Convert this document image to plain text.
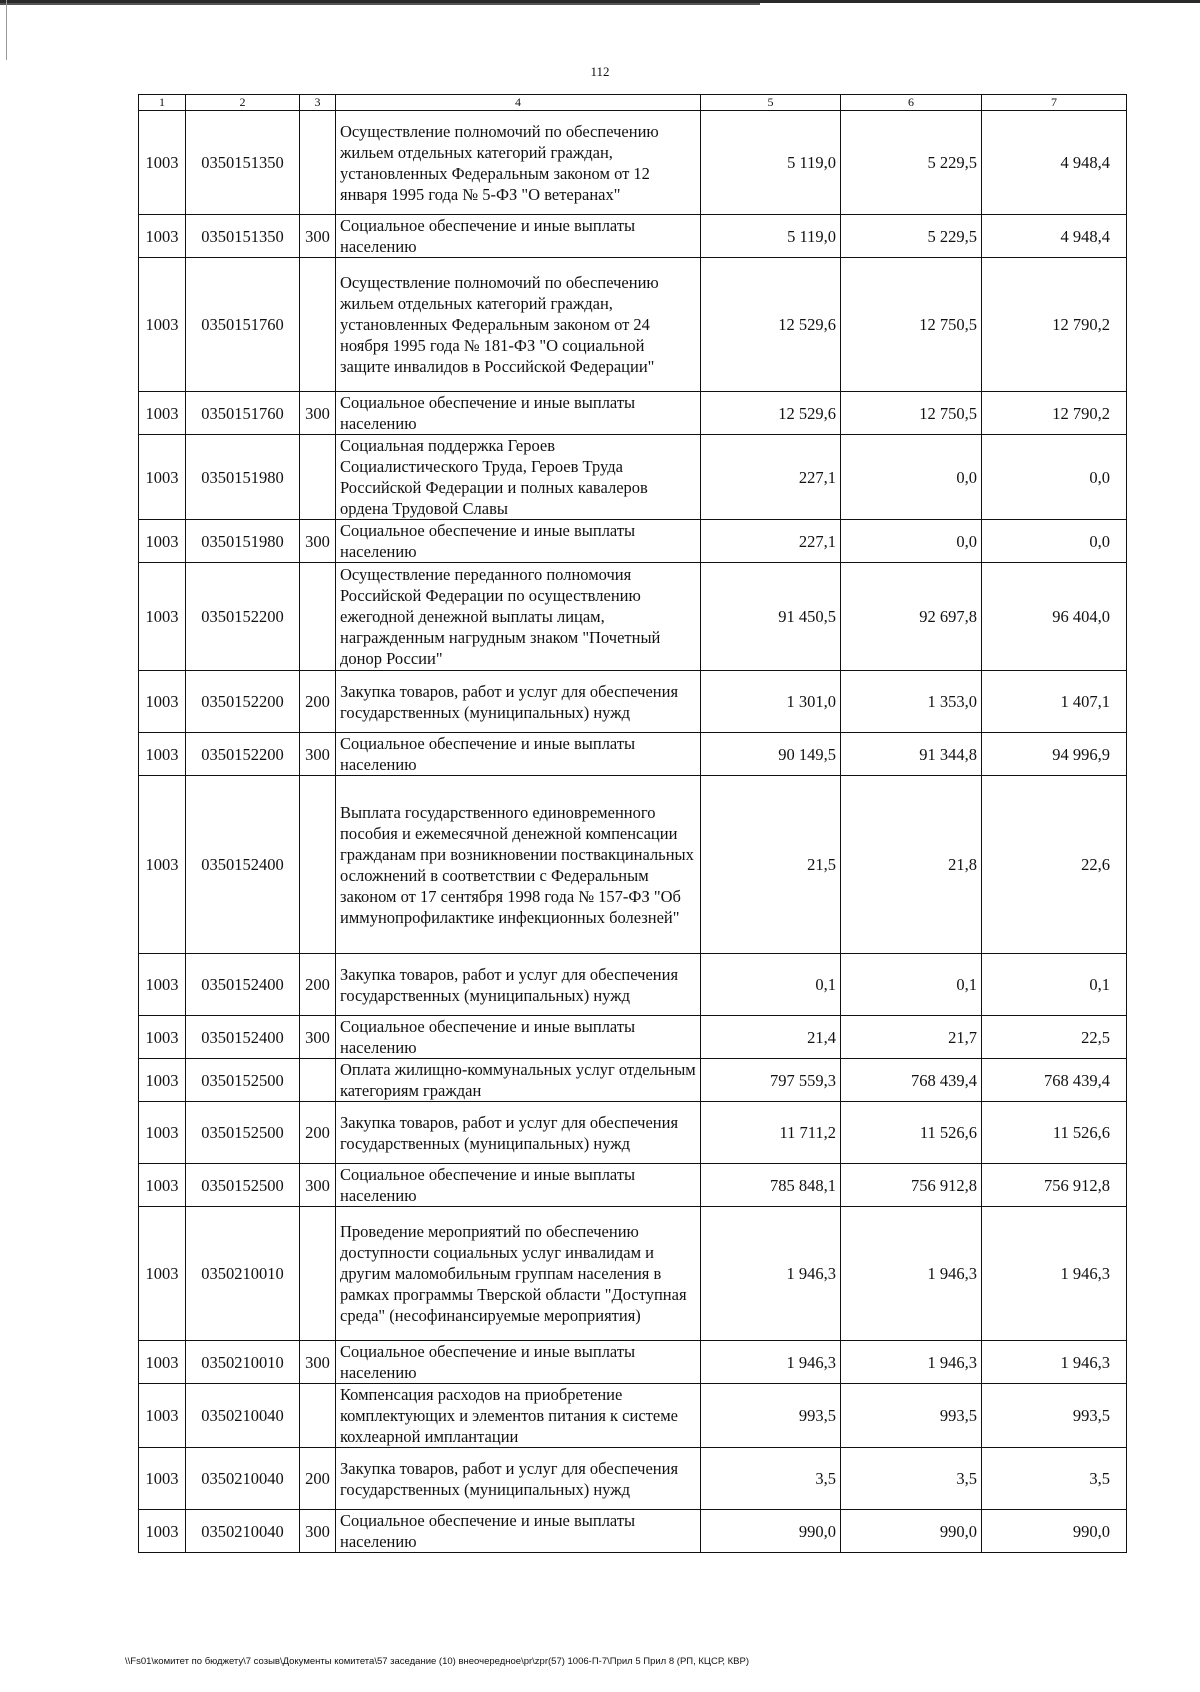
112
1	2	3	4	5	6	7
1003	0350151350		Осуществление полномочий по обеспечению жильем отдельных категорий граждан, установленных Федеральным законом от 12 января 1995 года № 5-ФЗ "О ветеранах"	5 119,0	5 229,5	4 948,4
1003	0350151350	300	Социальное обеспечение и иные выплаты населению	5 119,0	5 229,5	4 948,4
1003	0350151760		Осуществление полномочий по обеспечению жильем отдельных категорий граждан, установленных Федеральным законом от 24 ноября 1995 года № 181-ФЗ "О социальной защите инвалидов в Российской Федерации"	12 529,6	12 750,5	12 790,2
1003	0350151760	300	Социальное обеспечение и иные выплаты населению	12 529,6	12 750,5	12 790,2
1003	0350151980		Социальная поддержка Героев Социалистического Труда, Героев Труда Российской Федерации и полных кавалеров ордена Трудовой Славы	227,1	0,0	0,0
1003	0350151980	300	Социальное обеспечение и иные выплаты населению	227,1	0,0	0,0
1003	0350152200		Осуществление переданного полномочия Российской Федерации по осуществлению ежегодной денежной выплаты лицам, награжденным нагрудным знаком "Почетный донор России"	91 450,5	92 697,8	96 404,0
1003	0350152200	200	Закупка товаров, работ и услуг для обеспечения государственных (муниципальных) нужд	1 301,0	1 353,0	1 407,1
1003	0350152200	300	Социальное обеспечение и иные выплаты населению	90 149,5	91 344,8	94 996,9
1003	0350152400		Выплата государственного единовременного пособия и ежемесячной денежной компенсации гражданам при возникновении поствакцинальных осложнений в соответствии с Федеральным законом от 17 сентября 1998 года № 157-ФЗ "Об иммунопрофилактике инфекционных болезней"	21,5	21,8	22,6
1003	0350152400	200	Закупка товаров, работ и услуг для обеспечения государственных (муниципальных) нужд	0,1	0,1	0,1
1003	0350152400	300	Социальное обеспечение и иные выплаты населению	21,4	21,7	22,5
1003	0350152500		Оплата жилищно-коммунальных услуг отдельным категориям граждан	797 559,3	768 439,4	768 439,4
1003	0350152500	200	Закупка товаров, работ и услуг для обеспечения государственных (муниципальных) нужд	11 711,2	11 526,6	11 526,6
1003	0350152500	300	Социальное обеспечение и иные выплаты населению	785 848,1	756 912,8	756 912,8
1003	0350210010		Проведение мероприятий по обеспечению доступности социальных услуг инвалидам и другим маломобильным группам населения в рамках программы Тверской области "Доступная среда" (несофинансируемые мероприятия)	1 946,3	1 946,3	1 946,3
1003	0350210010	300	Социальное обеспечение и иные выплаты населению	1 946,3	1 946,3	1 946,3
1003	0350210040		Компенсация расходов на приобретение комплектующих и элементов питания к системе кохлеарной имплантации	993,5	993,5	993,5
1003	0350210040	200	Закупка товаров, работ и услуг для обеспечения государственных (муниципальных) нужд	3,5	3,5	3,5
1003	0350210040	300	Социальное обеспечение и иные выплаты населению	990,0	990,0	990,0
\\Fs01\комитет по бюджету\7 созыв\Документы комитета\57 заседание (10) внеочередное\pr\zpr(57) 1006-П-7\Прил 5 Прил 8 (РП, КЦСР, КВР)
